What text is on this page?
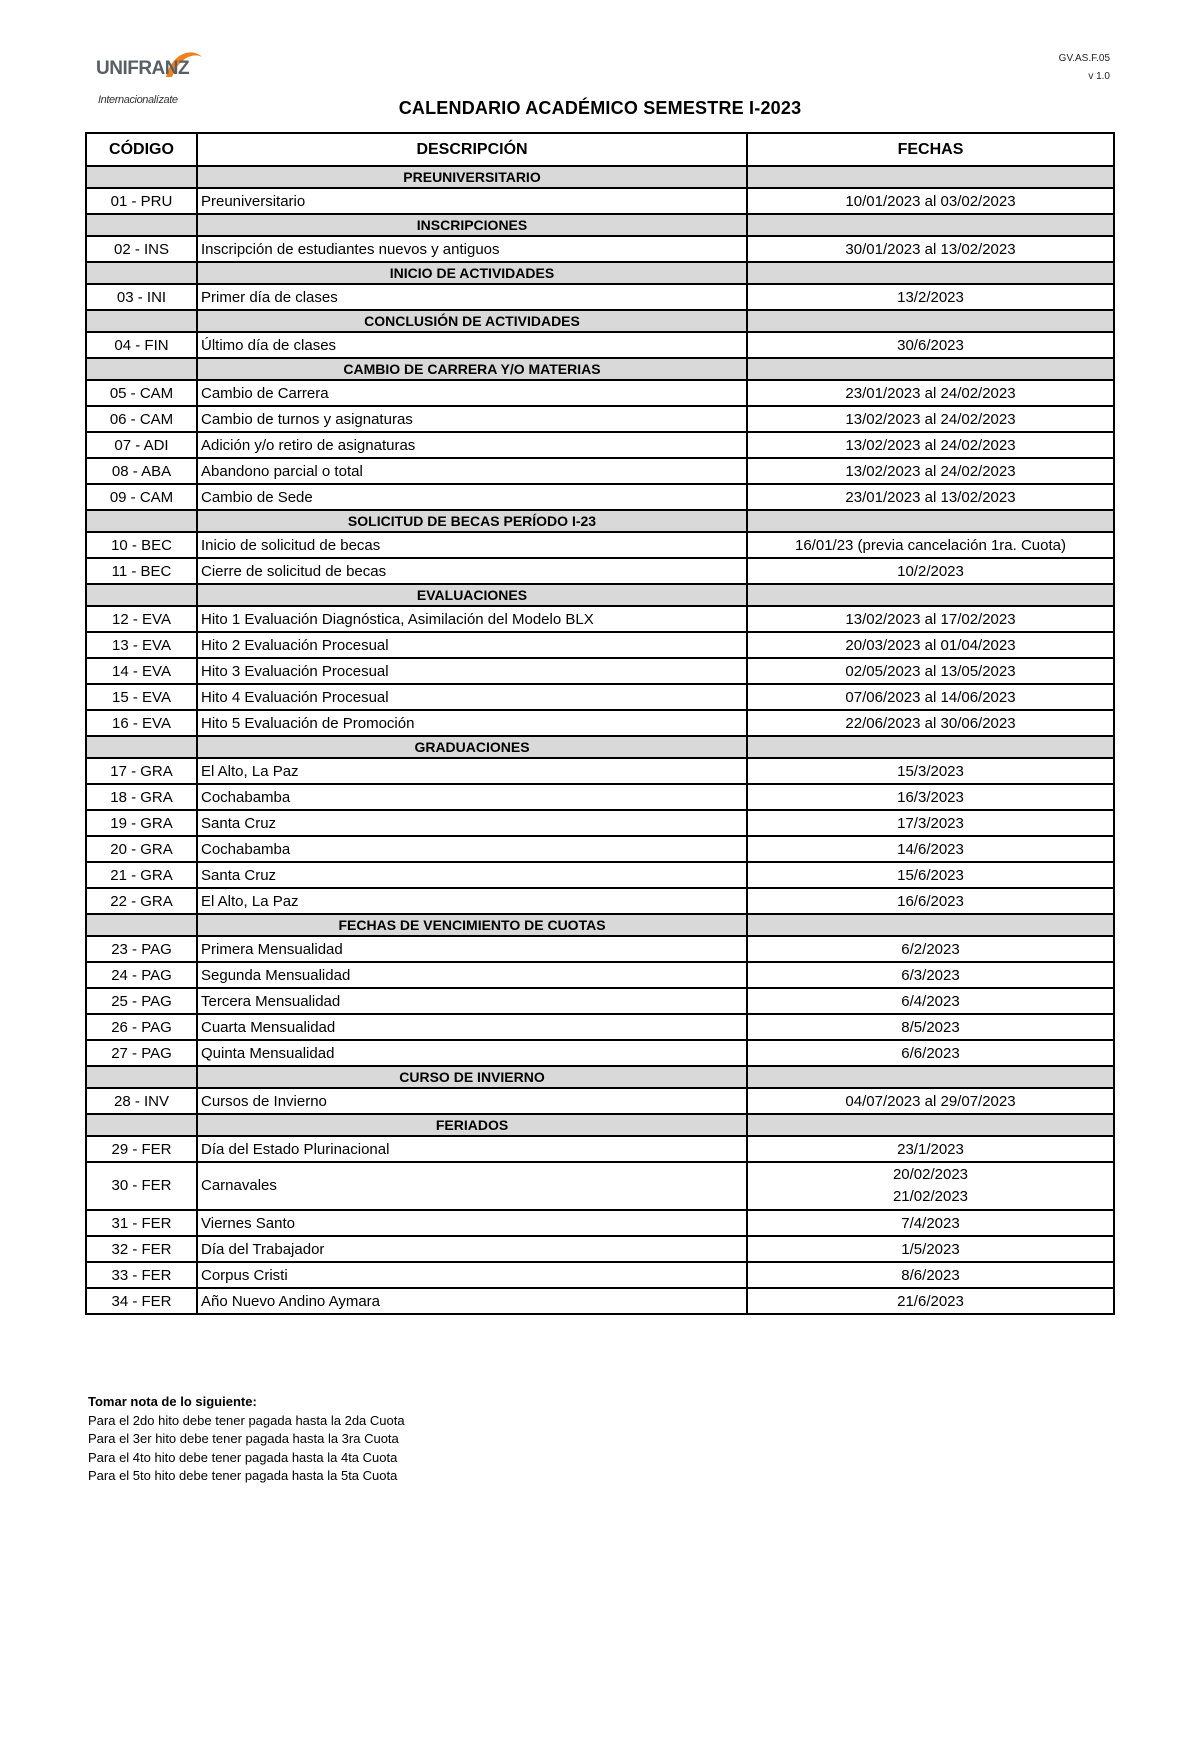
UNIFRANZ
Internacionalízate
GV.AS.F.05
v 1.0
CALENDARIO ACADÉMICO SEMESTRE I-2023
CÓDIGO	DESCRIPCIÓN	FECHAS
	PREUNIVERSITARIO	
01 - PRU	Preuniversitario	10/01/2023 al 03/02/2023
	INSCRIPCIONES	
02 - INS	Inscripción de estudiantes nuevos y antiguos	30/01/2023 al 13/02/2023
	INICIO DE ACTIVIDADES	
03 - INI	Primer día de clases	13/2/2023
	CONCLUSIÓN DE ACTIVIDADES	
04 - FIN	Último día de clases	30/6/2023
	CAMBIO DE CARRERA Y/O MATERIAS	
05 - CAM	Cambio de Carrera	23/01/2023 al 24/02/2023
06 - CAM	Cambio de turnos y asignaturas	13/02/2023 al 24/02/2023
07 - ADI	Adición y/o retiro de asignaturas	13/02/2023 al 24/02/2023
08 - ABA	Abandono parcial o total	13/02/2023 al 24/02/2023
09 - CAM	Cambio de Sede	23/01/2023 al 13/02/2023
	SOLICITUD DE BECAS PERÍODO I-23	
10 - BEC	Inicio de solicitud de becas	16/01/23 (previa cancelación 1ra. Cuota)
11 - BEC	Cierre de solicitud de becas	10/2/2023
	EVALUACIONES	
12 - EVA	Hito 1 Evaluación Diagnóstica, Asimilación del Modelo BLX	13/02/2023 al 17/02/2023
13 - EVA	Hito 2 Evaluación Procesual	20/03/2023 al 01/04/2023
14 - EVA	Hito 3 Evaluación Procesual	02/05/2023 al 13/05/2023
15 - EVA	Hito 4 Evaluación Procesual	07/06/2023 al 14/06/2023
16 - EVA	Hito 5 Evaluación de Promoción	22/06/2023 al 30/06/2023
	GRADUACIONES	
17 - GRA	El Alto, La Paz	15/3/2023
18 - GRA	Cochabamba	16/3/2023
19 - GRA	Santa Cruz	17/3/2023
20 - GRA	Cochabamba	14/6/2023
21 - GRA	Santa Cruz	15/6/2023
22 - GRA	El Alto, La Paz	16/6/2023
	FECHAS DE VENCIMIENTO DE CUOTAS	
23 - PAG	Primera Mensualidad	6/2/2023
24 - PAG	Segunda Mensualidad	6/3/2023
25 - PAG	Tercera Mensualidad	6/4/2023
26 - PAG	Cuarta Mensualidad	8/5/2023
27 - PAG	Quinta Mensualidad	6/6/2023
	CURSO DE INVIERNO	
28 - INV	Cursos de Invierno	04/07/2023 al 29/07/2023
	FERIADOS	
29 - FER	Día del Estado Plurinacional	23/1/2023
30 - FER	Carnavales	20/02/2023
21/02/2023

31 - FER	Viernes Santo	7/4/2023
32 - FER	Día del Trabajador	1/5/2023
33 - FER	Corpus Cristi	8/6/2023
34 - FER	Año Nuevo Andino Aymara	21/6/2023
Tomar nota de lo siguiente:
Para el 2do hito debe tener pagada hasta la 2da Cuota
Para el 3er hito debe tener pagada hasta la 3ra Cuota
Para el 4to hito debe tener pagada hasta la 4ta Cuota
Para el 5to hito debe tener pagada hasta la 5ta Cuota
